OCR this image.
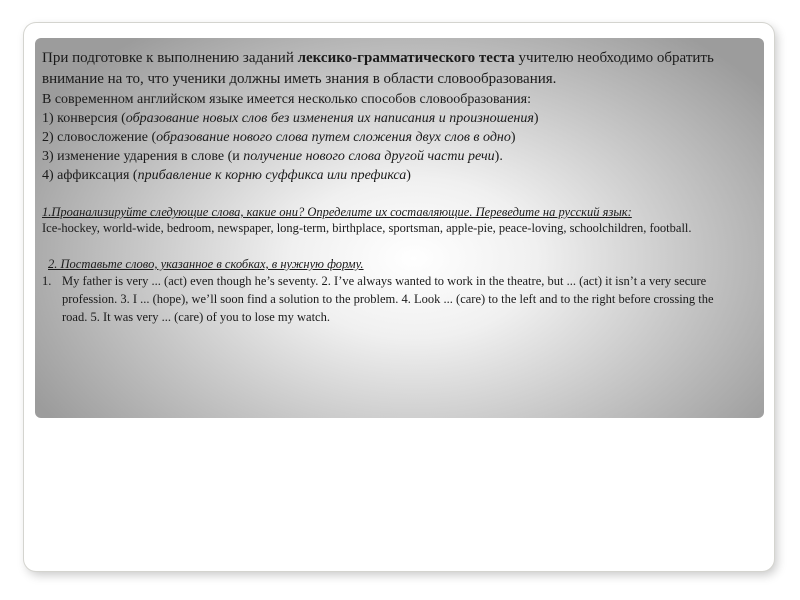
При подготовке к выполнению заданий лексико-грамматического теста учителю необходимо обратить внимание на то, что ученики должны иметь знания в области словообразования.

В современном английском языке имеется несколько способов словообразования:

1) конверсия (образование новых слов без изменения их написания и произношения)

2) словосложение (образование нового слова путем сложения двух слов в одно)

3) изменение ударения в слове (и получение нового слова другой части речи).

4) аффиксация (прибавление к корню суффикса или префикса)

1.Проанализируйте следующие слова, какие они? Определите их составляющие. Переведите на русский язык:

Ice-hockey, world-wide, bedroom, newspaper, long-term, birthplace, sportsman, apple-pie, peace-loving, schoolchildren, football.

2. Поставьте слово, указанное в скобках, в нужную форму.

1. My father is very ... (act) even though he’s seventy. 2. I’ve always wanted to work in the theatre, but ... (act) it isn’t a very secure profession. 3. I ... (hope), we’ll soon find a solution to the problem. 4. Look ... (care) to the left and to the right before crossing the road. 5. It was very ... (care) of you to lose my watch.
